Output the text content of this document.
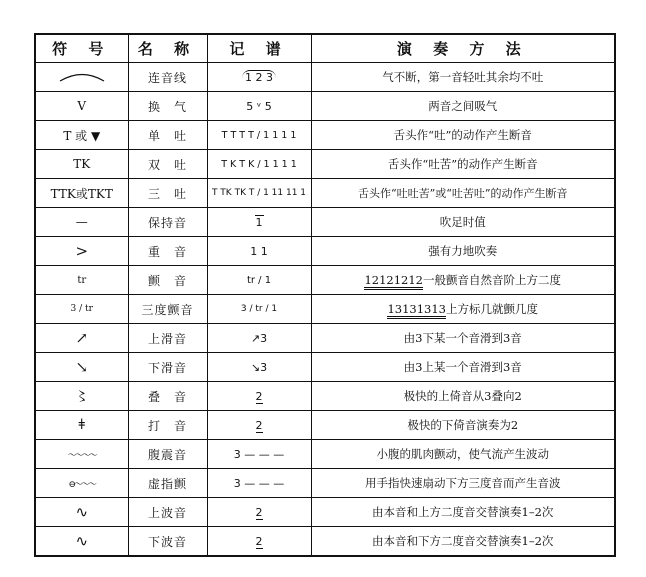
符 号	名 称	记 谱	演 奏 方 法
	连音线	1 2 3	气不断，第一音轻吐其余均不吐
V	换　气	5 ᵛ 5	两音之间吸气
T 或 ▼	单　吐	T T T T / 1 1 1 1	舌头作“吐”的动作产生断音
TK	双　吐	T K T K / 1 1 1 1	舌头作“吐苦”的动作产生断音
TTK或TKT	三　吐	T TK TK T / 1 11 11 1	舌头作“吐吐苦”或“吐苦吐”的动作产生断音
—	保持音	1	吹足时值
>	重　音	1 1	强有力地吹奏
tr	颤　音	tr / 1	12121212一般颤音自然音阶上方二度
3 / tr	三度颤音	3 / tr / 1	13131313上方标几就颤几度
↗	上滑音	↗3	由3下某一个音滑到3音
↘	下滑音	↘3	由3上某一个音滑到3音
〻	叠　音	2	极快的上倚音从3叠向2
ǂ	打　音	2	极快的下倚音演奏为2
～～～～	腹震音	3 — — —	小腹的肌肉颤动，使气流产生波动
⊖～～～	虚指颤	3 — — —	用手指快速扇动下方三度音而产生音波
∿	上波音	2	由本音和上方二度音交替演奏1–2次
∿	下波音	2	由本音和下方二度音交替演奏1–2次
